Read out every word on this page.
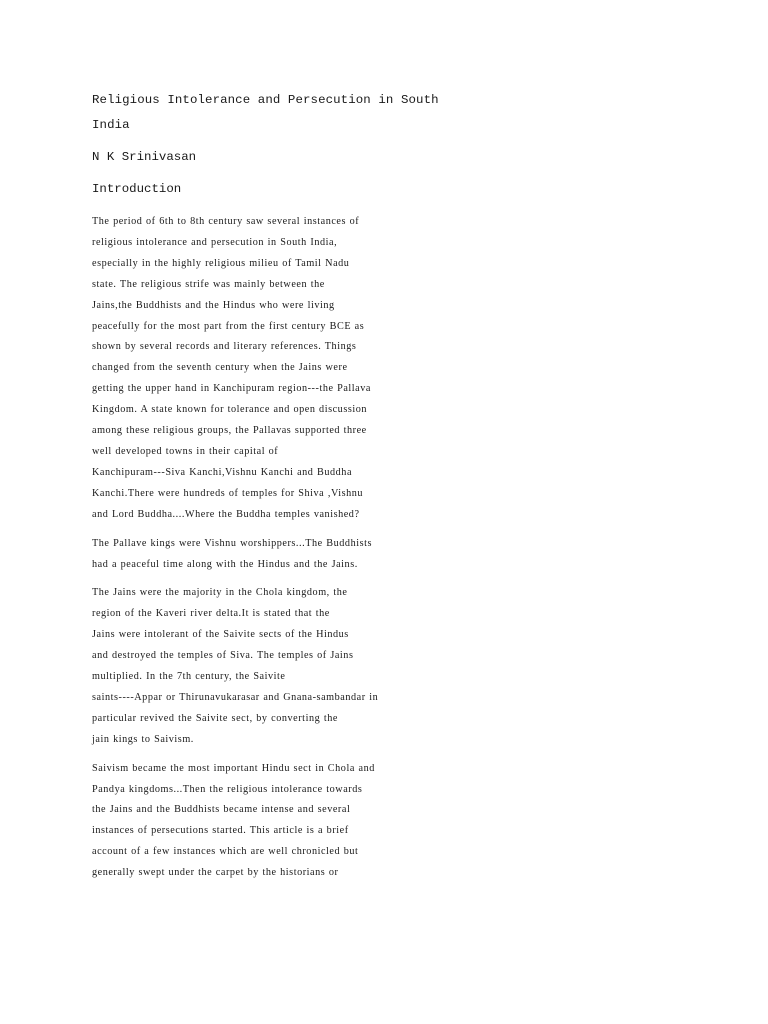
Religious Intolerance and Persecution in South
India

N K Srinivasan

Introduction

The period of 6th to 8th century saw several instances of
religious intolerance and persecution in South India,
especially in the highly religious milieu of Tamil Nadu
state. The religious strife was mainly between the
Jains,the Buddhists and the Hindus who were living
peacefully for the most part from the first century BCE as
shown by several records and literary references. Things
changed from the seventh century when the Jains were
getting the upper hand in Kanchipuram region---the Pallava
Kingdom. A state known for tolerance and open discussion
among these religious groups, the Pallavas supported three
well developed towns in their capital of
Kanchipuram---Siva Kanchi,Vishnu Kanchi and Buddha
Kanchi.There were hundreds of temples for Shiva ,Vishnu
and Lord Buddha....Where the Buddha temples vanished?

The Pallave kings were Vishnu worshippers...The Buddhists
had a peaceful time along with the Hindus and the Jains.

The Jains were the majority in the Chola kingdom, the
region of the Kaveri river delta.It is stated that the
Jains were intolerant of the Saivite sects of the Hindus
and destroyed the temples of Siva. The temples of Jains
multiplied. In the 7th century, the Saivite
saints----Appar or Thirunavukarasar and Gnana-sambandar in
particular revived the Saivite sect, by converting the
jain kings to Saivism.

Saivism became the most important Hindu sect in Chola and
Pandya kingdoms...Then the religious intolerance towards
the Jains and the Buddhists became intense and several
instances of persecutions started. This article is a brief
account of a few instances which are well chronicled but
generally swept under the carpet by the historians or
